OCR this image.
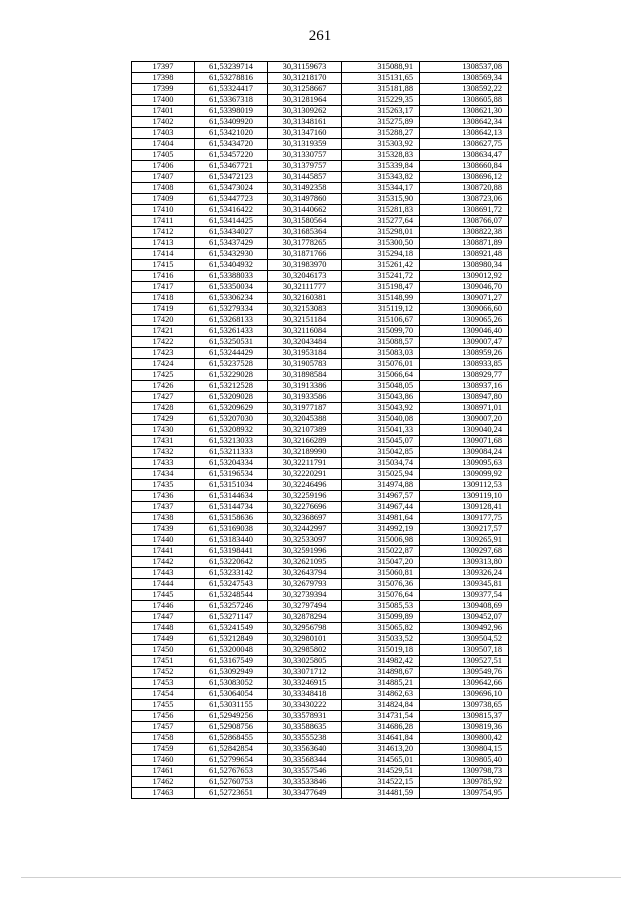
261
17397	61,53239714	30,31159673	315088,91	1308537,08
17398	61,53278816	30,31218170	315131,65	1308569,34
17399	61,53324417	30,31258667	315181,88	1308592,22
17400	61,53367318	30,31281964	315229,35	1308605,88
17401	61,53398019	30,31309262	315263,17	1308621,30
17402	61,53409920	30,31348161	315275,89	1308642,34
17403	61,53421020	30,31347160	315288,27	1308642,13
17404	61,53434720	30,31319359	315303,92	1308627,75
17405	61,53457220	30,31330757	315328,83	1308634,47
17406	61,53467721	30,31379757	315339,84	1308660,84
17407	61,53472123	30,31445857	315343,82	1308696,12
17408	61,53473024	30,31492358	315344,17	1308720,88
17409	61,53447723	30,31497860	315315,90	1308723,06
17410	61,53416422	30,31440662	315281,83	1308691,72
17411	61,53414425	30,31580564	315277,64	1308766,07
17412	61,53434027	30,31685364	315298,01	1308822,38
17413	61,53437429	30,31778265	315300,50	1308871,89
17414	61,53432930	30,31871766	315294,18	1308921,48
17415	61,53404932	30,31983970	315261,42	1308980,34
17416	61,53388033	30,32046173	315241,72	1309012,92
17417	61,53350034	30,32111777	315198,47	1309046,70
17418	61,53306234	30,32160381	315148,99	1309071,27
17419	61,53279334	30,32153083	315119,12	1309066,60
17420	61,53268133	30,32151184	315106,67	1309065,26
17421	61,53261433	30,32116084	315099,70	1309046,40
17422	61,53250531	30,32043484	315088,57	1309007,47
17423	61,53244429	30,31953184	315083,03	1308959,26
17424	61,53237528	30,31905783	315076,01	1308933,85
17425	61,53229028	30,31898584	315066,64	1308929,77
17426	61,53212528	30,31913386	315048,05	1308937,16
17427	61,53209028	30,31933586	315043,86	1308947,80
17428	61,53209629	30,31977187	315043,92	1308971,01
17429	61,53207030	30,32045388	315040,08	1309007,20
17430	61,53208932	30,32107389	315041,33	1309040,24
17431	61,53213033	30,32166289	315045,07	1309071,68
17432	61,53211333	30,32189990	315042,85	1309084,24
17433	61,53204334	30,32211791	315034,74	1309095,63
17434	61,53196534	30,32220291	315025,94	1309099,92
17435	61,53151034	30,32246496	314974,88	1309112,53
17436	61,53144634	30,32259196	314967,57	1309119,10
17437	61,53144734	30,32276696	314967,44	1309128,41
17438	61,53158636	30,32368697	314981,64	1309177,75
17439	61,53169038	30,32442997	314992,19	1309217,57
17440	61,53183440	30,32533097	315006,98	1309265,91
17441	61,53198441	30,32591996	315022,87	1309297,68
17442	61,53220642	30,32621095	315047,20	1309313,80
17443	61,53233142	30,32643794	315060,81	1309326,24
17444	61,53247543	30,32679793	315076,36	1309345,81
17445	61,53248544	30,32739394	315076,64	1309377,54
17446	61,53257246	30,32797494	315085,53	1309408,69
17447	61,53271147	30,32878294	315099,89	1309452,07
17448	61,53241549	30,32956798	315065,82	1309492,96
17449	61,53212849	30,32980101	315033,52	1309504,52
17450	61,53200048	30,32985802	315019,18	1309507,18
17451	61,53167549	30,33025805	314982,42	1309527,51
17452	61,53092949	30,33071712	314898,67	1309549,76
17453	61,53083052	30,33246915	314885,21	1309642,66
17454	61,53064054	30,33348418	314862,63	1309696,10
17455	61,53031155	30,33430222	314824,84	1309738,65
17456	61,52949256	30,33578931	314731,54	1309815,37
17457	61,52908756	30,33588635	314686,28	1309819,36
17458	61,52868455	30,33555238	314641,84	1309800,42
17459	61,52842854	30,33563640	314613,20	1309804,15
17460	61,52799654	30,33568344	314565,01	1309805,40
17461	61,52767653	30,33557546	314529,51	1309798,73
17462	61,52760753	30,33533846	314522,15	1309785,92
17463	61,52723651	30,33477649	314481,59	1309754,95
